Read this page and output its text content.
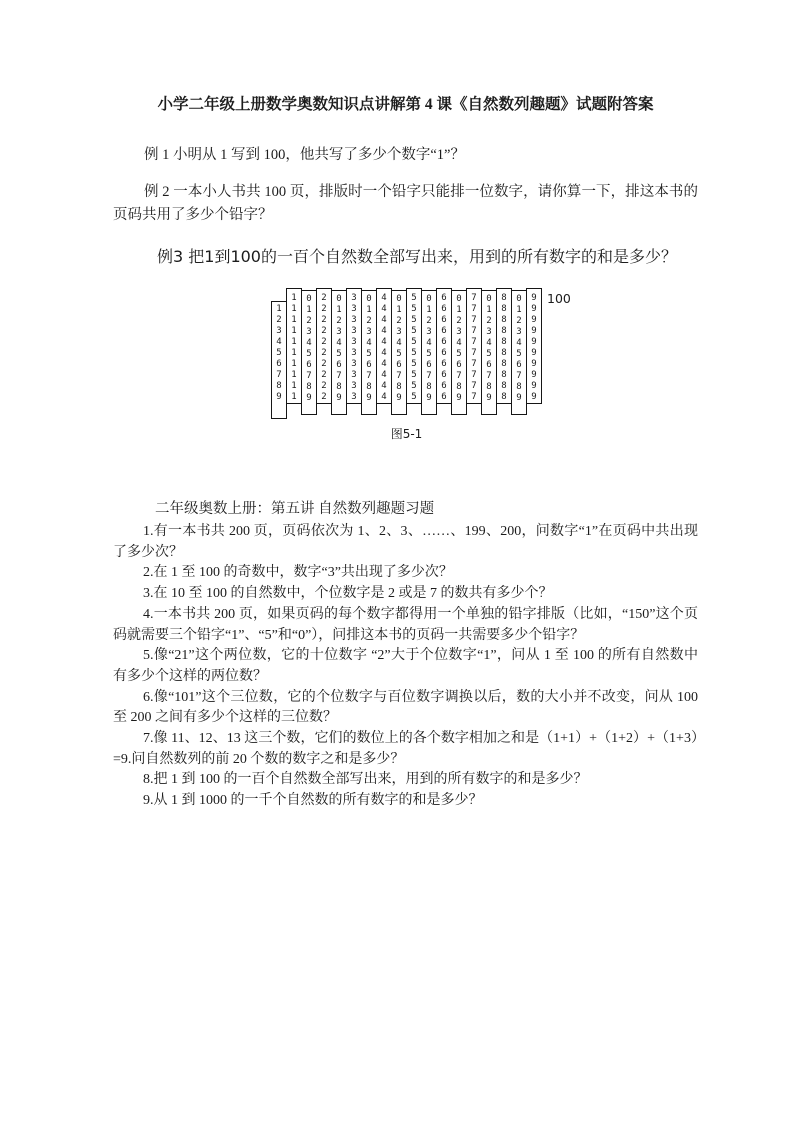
小学二年级上册数学奥数知识点讲解第 4 课《自然数列趣题》试题附答案

例 1 小明从 1 写到 100，他共写了多少个数字“1”？

例 2 一本小人书共 100 页，排版时一个铅字只能排一位数字，请你算一下，排这本书的页码共用了多少个铅字？

例3 把1到100的一百个自然数全部写出来，用到的所有数字的和是多少？

1
2
3
4
5
6
7
8
9
1
1
1
1
1
1
1
1
1
1
0
1
2
3
4
5
6
7
8
9
2
2
2
2
2
2
2
2
2
2
0
1
2
3
4
5
6
7
8
9
3
3
3
3
3
3
3
3
3
3
0
1
2
3
4
5
6
7
8
9
4
4
4
4
4
4
4
4
4
4
0
1
2
3
4
5
6
7
8
9
5
5
5
5
5
5
5
5
5
5
0
1
2
3
4
5
6
7
8
9
6
6
6
6
6
6
6
6
6
6
0
1
2
3
4
5
6
7
8
9
7
7
7
7
7
7
7
7
7
7
0
1
2
3
4
5
6
7
8
9
8
8
8
8
8
8
8
8
8
8
0
1
2
3
4
5
6
7
8
9
9
9
9
9
9
9
9
9
9
9
100
图5-1

二年级奥数上册：第五讲 自然数列趣题习题

1.有一本书共 200 页，页码依次为 1、2、3、……、199、200，问数字“1”在页码中共出现了多少次？

2.在 1 至 100 的奇数中，数字“3”共出现了多少次？

3.在 10 至 100 的自然数中，个位数字是 2 或是 7 的数共有多少个？

4.一本书共 200 页，如果页码的每个数字都得用一个单独的铅字排版（比如，“150”这个页码就需要三个铅字“1”、“5”和“0”），问排这本书的页码一共需要多少个铅字？

5.像“21”这个两位数，它的十位数字 “2”大于个位数字“1”，问从 1 至 100 的所有自然数中有多少个这样的两位数？

6.像“101”这个三位数，它的个位数字与百位数字调换以后，数的大小并不改变，问从 100 至 200 之间有多少个这样的三位数？

7.像 11、12、13 这三个数，它们的数位上的各个数字相加之和是（1+1）+（1+2）+（1+3）=9.问自然数列的前 20 个数的数字之和是多少？

8.把 1 到 100 的一百个自然数全部写出来，用到的所有数字的和是多少？

9.从 1 到 1000 的一千个自然数的所有数字的和是多少？
